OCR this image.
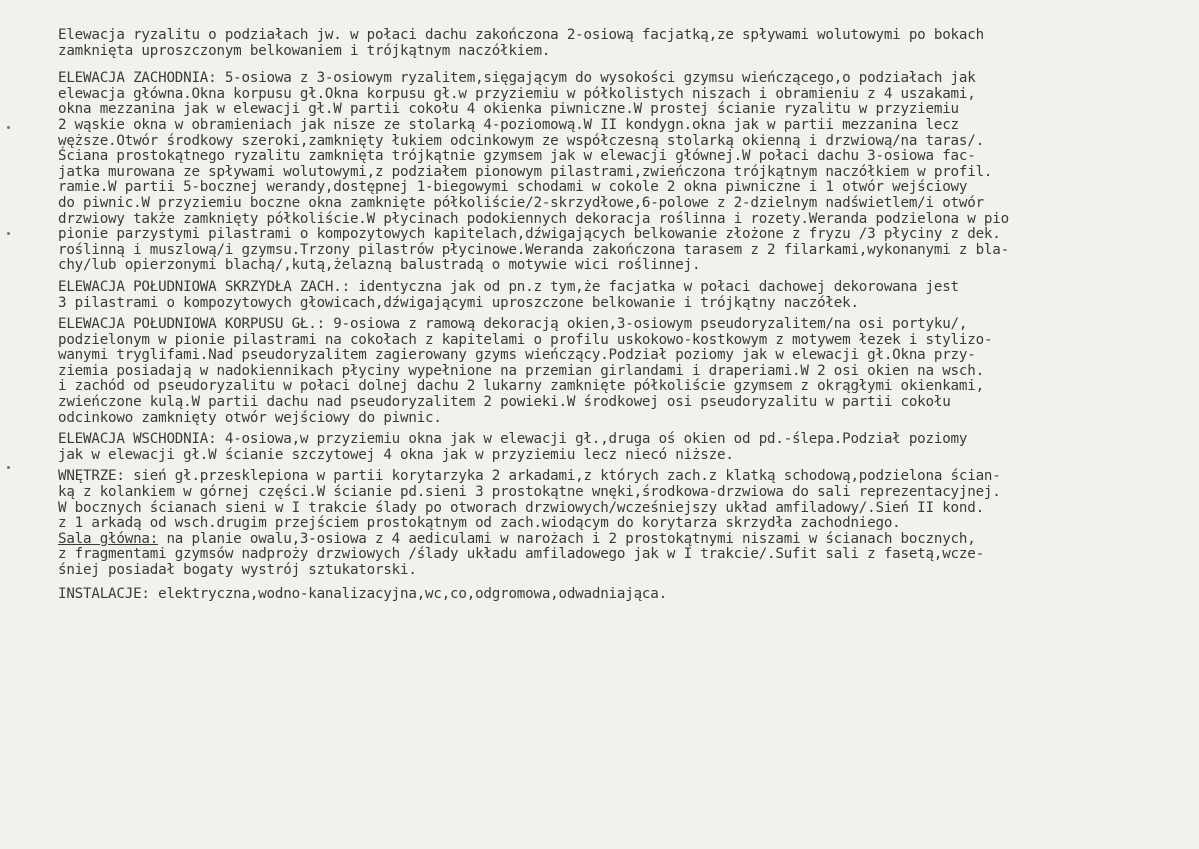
Elewacja ryzalitu o podziałach jw. w połaci dachu zakończona 2-osiową facjatką,ze spływami wolutowymi po bokach
zamknięta uproszczonym belkowaniem i trójkątnym naczółkiem.
ELEWACJA ZACHODNIA: 5-osiowa z 3-osiowym ryzalitem,sięgającym do wysokości gzymsu wieńczącego,o podziałach jak
elewacja główna.Okna korpusu gł.Okna korpusu gł.w przyziemiu w półkolistych niszach i obramieniu z 4 uszakami,
okna mezzanina jak w elewacji gł.W partii cokołu 4 okienka piwniczne.W prostej ścianie ryzalitu w przyziemiu
2 wąskie okna w obramieniach jak nisze ze stolarką 4-poziomową.W II kondygn.okna jak w partii mezzanina lecz
węższe.Otwór środkowy szeroki,zamknięty łukiem odcinkowym ze współczesną stolarką okienną i drzwiową/na taras/.
Ściana prostokątnego ryzalitu zamknięta trójkątnie gzymsem jak w elewacji głównej.W połaci dachu 3-osiowa fac-
jatka murowana ze spływami wolutowymi,z podziałem pionowym pilastrami,zwieńczona trójkątnym naczółkiem w profil.
ramie.W partii 5-bocznej werandy,dostępnej 1-biegowymi schodami w cokole 2 okna piwniczne i 1 otwór wejściowy
do piwnic.W przyziemiu boczne okna zamknięte półkoliście/2-skrzydłowe,6-polowe z 2-dzielnym nadświetlem/i otwór
drzwiowy także zamknięty półkoliście.W płycinach podokiennych dekoracja roślinna i rozety.Weranda podzielona w pio
pionie parzystymi pilastrami o kompozytowych kapitelach,dźwigających belkowanie złożone z fryzu /3 płyciny z dek.
roślinną i muszlową/i gzymsu.Trzony pilastrów płycinowe.Weranda zakończona tarasem z 2 filarkami,wykonanymi z bla-
chy/lub opierzonymi blachą/,kutą,żelazną balustradą o motywie wici roślinnej.
ELEWACJA POŁUDNIOWA SKRZYDŁA ZACH.: identyczna jak od pn.z tym,że facjatka w połaci dachowej dekorowana jest
3 pilastrami o kompozytowych głowicach,dźwigającymi uproszczone belkowanie i trójkątny naczółek.
ELEWACJA POŁUDNIOWA KORPUSU GŁ.: 9-osiowa z ramową dekoracją okien,3-osiowym pseudoryzalitem/na osi portyku/,
podzielonym w pionie pilastrami na cokołach z kapitelami o profilu uskokowo-kostkowym z motywem łezek i stylizo-
wanymi tryglifami.Nad pseudoryzalitem zagierowany gzyms wieńczący.Podział poziomy jak w elewacji gł.Okna przy-
ziemia posiadają w nadokiennikach płyciny wypełnione na przemian girlandami i draperiami.W 2 osi okien na wsch.
i zachód od pseudoryzalitu w połaci dolnej dachu 2 lukarny zamknięte półkoliście gzymsem z okrągłymi okienkami,
zwieńczone kulą.W partii dachu nad pseudoryzalitem 2 powieki.W środkowej osi pseudoryzalitu w partii cokołu
odcinkowo zamknięty otwór wejściowy do piwnic.
ELEWACJA WSCHODNIA: 4-osiowa,w przyziemiu okna jak w elewacji gł.,druga oś okien od pd.-ślepa.Podział poziomy
jak w elewacji gł.W ścianie szczytowej 4 okna jak w przyziemiu lecz niecó niższe.
WNĘTRZE: sień gł.przesklepiona w partii korytarzyka 2 arkadami,z których zach.z klatką schodową,podzielona ścian-
ką z kolankiem w górnej części.W ścianie pd.sieni 3 prostokątne wnęki,środkowa-drzwiowa do sali reprezentacyjnej.
W bocznych ścianach sieni w I trakcie ślady po otworach drzwiowych/wcześniejszy układ amfiladowy/.Sień II kond.
z 1 arkadą od wsch.drugim przejściem prostokątnym od zach.wiodącym do korytarza skrzydła zachodniego.
Sala główna: na planie owalu,3-osiowa z 4 aediculami w narożach i 2 prostokątnymi niszami w ścianach bocznych,
z fragmentami gzymsów nadproży drzwiowych /ślady układu amfiladowego jak w I trakcie/.Sufit sali z fasetą,wcze-
śniej posiadał bogaty wystrój sztukatorski.
INSTALACJE: elektryczna,wodno-kanalizacyjna,wc,co,odgromowa,odwadniająca.
